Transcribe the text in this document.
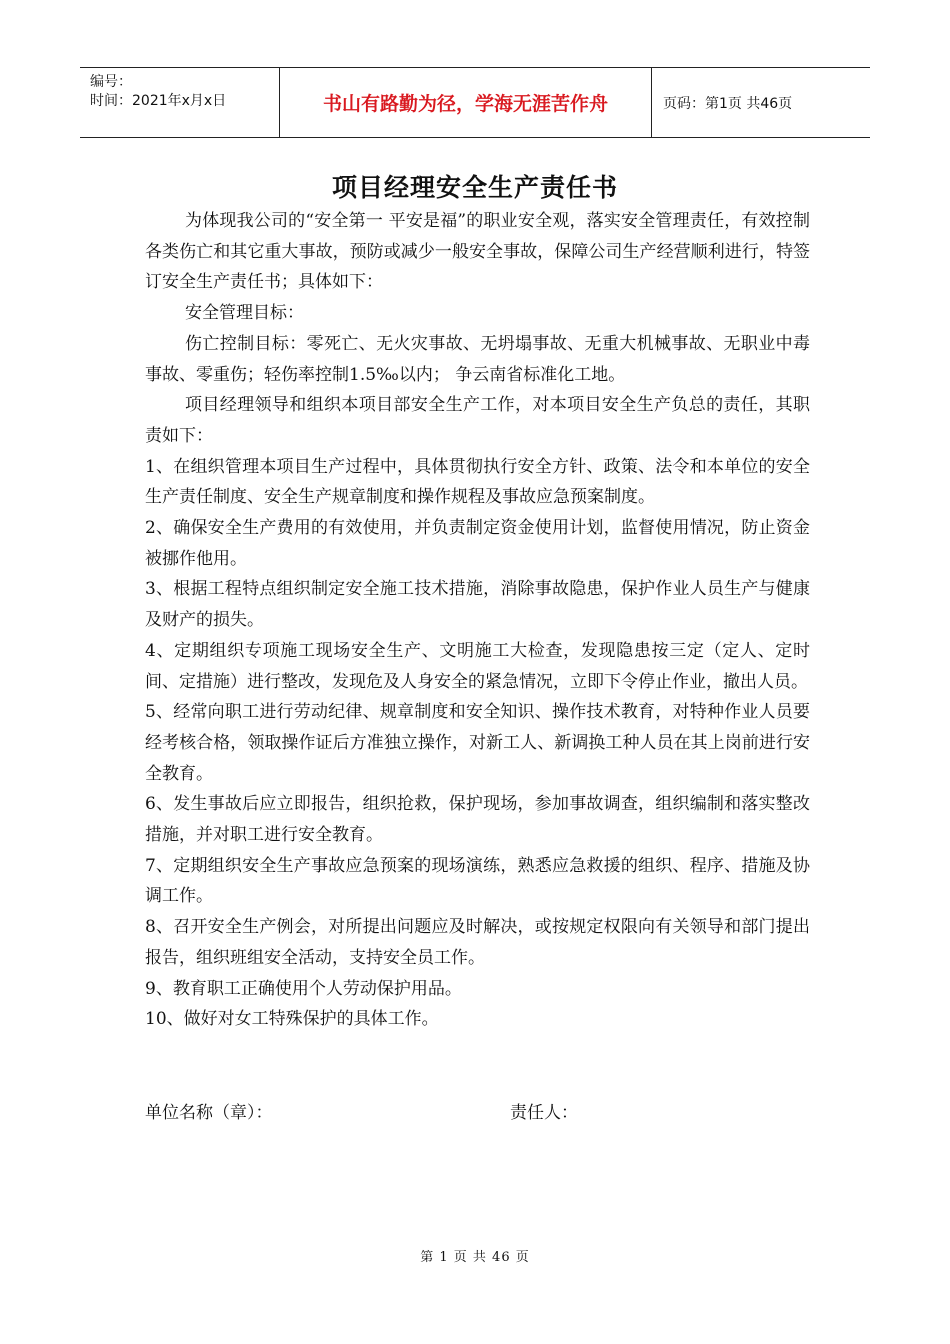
编号：
时间：2021年x月x日	书山有路勤为径，学海无涯苦作舟	页码：第1页 共46页
项目经理安全生产责任书

为体现我公司的“安全第一 平安是福”的职业安全观，落实安全管理责任，有效控制各类伤亡和其它重大事故，预防或减少一般安全事故，保障公司生产经营顺利进行，特签订安全生产责任书；具体如下：

安全管理目标：

伤亡控制目标：零死亡、无火灾事故、无坍塌事故、无重大机械事故、无职业中毒事故、零重伤；轻伤率控制1.5‰以内； 争云南省标准化工地。

项目经理领导和组织本项目部安全生产工作，对本项目安全生产负总的责任，其职责如下：

1、在组织管理本项目生产过程中，具体贯彻执行安全方针、政策、法令和本单位的安全生产责任制度、安全生产规章制度和操作规程及事故应急预案制度。

2、确保安全生产费用的有效使用，并负责制定资金使用计划，监督使用情况，防止资金被挪作他用。

3、根据工程特点组织制定安全施工技术措施，消除事故隐患，保护作业人员生产与健康及财产的损失。

4、定期组织专项施工现场安全生产、文明施工大检查，发现隐患按三定（定人、定时间、定措施）进行整改，发现危及人身安全的紧急情况，立即下令停止作业，撤出人员。

5、经常向职工进行劳动纪律、规章制度和安全知识、操作技术教育，对特种作业人员要经考核合格，领取操作证后方准独立操作，对新工人、新调换工种人员在其上岗前进行安全教育。

6、发生事故后应立即报告，组织抢救，保护现场，参加事故调查，组织编制和落实整改措施，并对职工进行安全教育。

7、定期组织安全生产事故应急预案的现场演练，熟悉应急救援的组织、程序、措施及协调工作。

8、召开安全生产例会，对所提出问题应及时解决，或按规定权限向有关领导和部门提出报告，组织班组安全活动，支持安全员工作。

9、教育职工正确使用个人劳动保护用品。

10、做好对女工特殊保护的具体工作。

单位名称（章）：	责任人：
第 1 页 共 46 页
